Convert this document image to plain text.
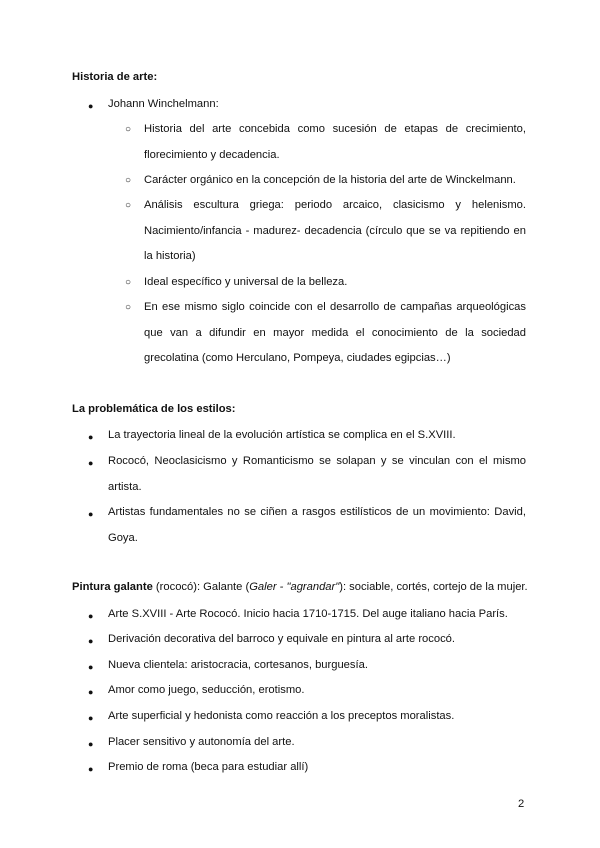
Historia de arte:
● Johann Winchelmann:
○ Historia del arte concebida como sucesión de etapas de crecimiento, florecimiento y decadencia.
○ Carácter orgánico en la concepción de la historia del arte de Winckelmann.
○ Análisis escultura griega: periodo arcaico, clasicismo y helenismo. Nacimiento/infancia - madurez- decadencia (círculo que se va repitiendo en la historia)
○ Ideal específico y universal de la belleza.
○ En ese mismo siglo coincide con el desarrollo de campañas arqueológicas que van a difundir en mayor medida el conocimiento de la sociedad grecolatina (como Herculano, Pompeya, ciudades egipcias…)
La problemática de los estilos:
● La trayectoria lineal de la evolución artística se complica en el S.XVIII.
● Rococó, Neoclasicismo y Romanticismo se solapan y se vinculan con el mismo artista.
● Artistas fundamentales no se ciñen a rasgos estilísticos de un movimiento: David, Goya.
Pintura galante (rococó): Galante (Galer - "agrandar"): sociable, cortés, cortejo de la mujer.
● Arte S.XVIII - Arte Rococó. Inicio hacia 1710-1715. Del auge italiano hacia París.
● Derivación decorativa del barroco y equivale en pintura al arte rococó.
● Nueva clientela: aristocracia, cortesanos, burguesía.
● Amor como juego, seducción, erotismo.
● Arte superficial y hedonista como reacción a los preceptos moralistas.
● Placer sensitivo y autonomía del arte.
● Premio de roma (beca para estudiar allí)
2
